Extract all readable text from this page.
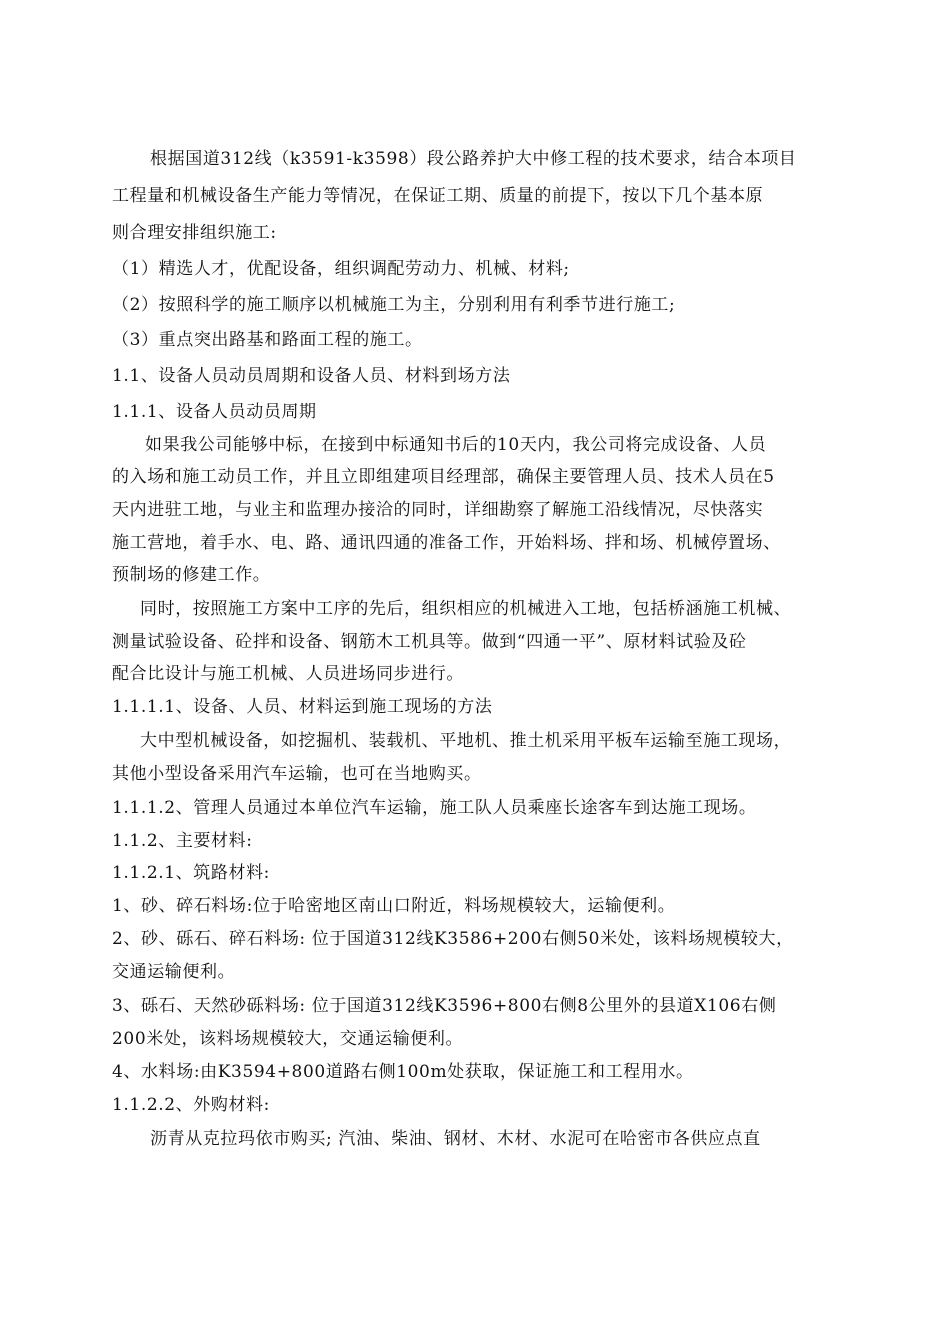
根据国道312线（k3591-k3598）段公路养护大中修工程的技术要求，结合本项目
工程量和机械设备生产能力等情况，在保证工期、质量的前提下，按以下几个基本原
则合理安排组织施工:
（1）精选人才，优配设备，组织调配劳动力、机械、材料;
（2）按照科学的施工顺序以机械施工为主，分别利用有利季节进行施工;
（3）重点突出路基和路面工程的施工。
1.1、设备人员动员周期和设备人员、材料到场方法
1.1.1、设备人员动员周期
如果我公司能够中标，在接到中标通知书后的10天内，我公司将完成设备、人员
的入场和施工动员工作，并且立即组建项目经理部，确保主要管理人员、技术人员在5
天内进驻工地，与业主和监理办接洽的同时，详细勘察了解施工沿线情况，尽快落实
施工营地，着手水、电、路、通讯四通的准备工作，开始料场、拌和场、机械停置场、
预制场的修建工作。
同时，按照施工方案中工序的先后，组织相应的机械进入工地，包括桥涵施工机械、
测量试验设备、砼拌和设备、钢筋木工机具等。做到“四通一平”、原材料试验及砼
配合比设计与施工机械、人员进场同步进行。
1.1.1.1、设备、人员、材料运到施工现场的方法
大中型机械设备，如挖掘机、装载机、平地机、推土机采用平板车运输至施工现场，
其他小型设备采用汽车运输，也可在当地购买。
1.1.1.2、管理人员通过本单位汽车运输，施工队人员乘座长途客车到达施工现场。
1.1.2、主要材料:
1.1.2.1、筑路材料:
1、砂、碎石料场:位于哈密地区南山口附近，料场规模较大，运输便利。
2、砂、砾石、碎石料场: 位于国道312线K3586+200右侧50米处，该料场规模较大，
交通运输便利。
3、砾石、天然砂砾料场: 位于国道312线K3596+800右侧8公里外的县道X106右侧
200米处，该料场规模较大，交通运输便利。
4、水料场:由K3594+800道路右侧100m处获取，保证施工和工程用水。
1.1.2.2、外购材料:
沥青从克拉玛依市购买; 汽油、柴油、钢材、木材、水泥可在哈密市各供应点直
